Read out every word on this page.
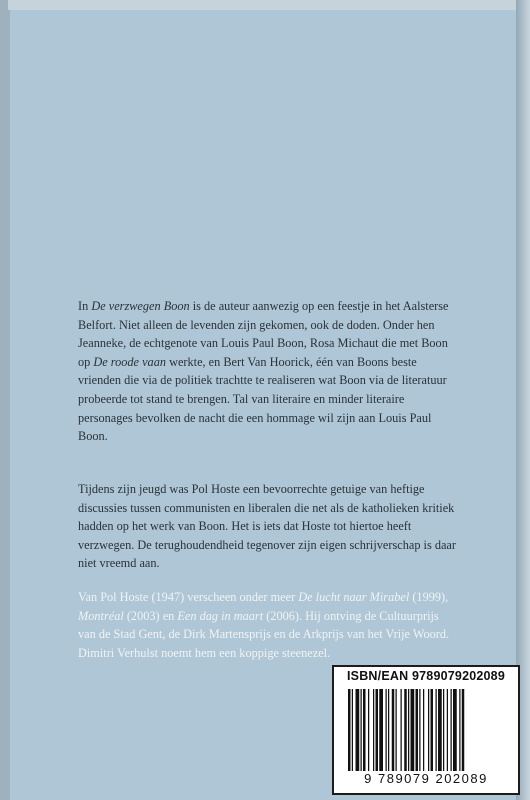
In De verzwegen Boon is de auteur aanwezig op een feestje in het Aalsterse Belfort. Niet alleen de levenden zijn gekomen, ook de doden. Onder hen Jeanneke, de echtgenote van Louis Paul Boon, Rosa Michaut die met Boon op De roode vaan werkte, en Bert Van Hoorick, één van Boons beste vrienden die via de politiek trachtte te realiseren wat Boon via de literatuur probeerde tot stand te brengen. Tal van literaire en minder literaire personages bevolken de nacht die een hommage wil zijn aan Louis Paul Boon.

Tijdens zijn jeugd was Pol Hoste een bevoorrechte getuige van heftige discussies tussen communisten en liberalen die net als de katholieken kritiek hadden op het werk van Boon. Het is iets dat Hoste tot hiertoe heeft verzwegen. De terughoudendheid tegenover zijn eigen schrijverschap is daar niet vreemd aan.

Van Pol Hoste (1947) verscheen onder meer De lucht naar Mirabel (1999), Montréal (2003) en Een dag in maart (2006). Hij ontving de Cultuurprijs van de Stad Gent, de Dirk Martensprijs en de Arkprijs van het Vrije Woord. Dimitri Verhulst noemt hem een koppige steenezel.

ISBN/EAN 9789079202089
9 789079 202089
